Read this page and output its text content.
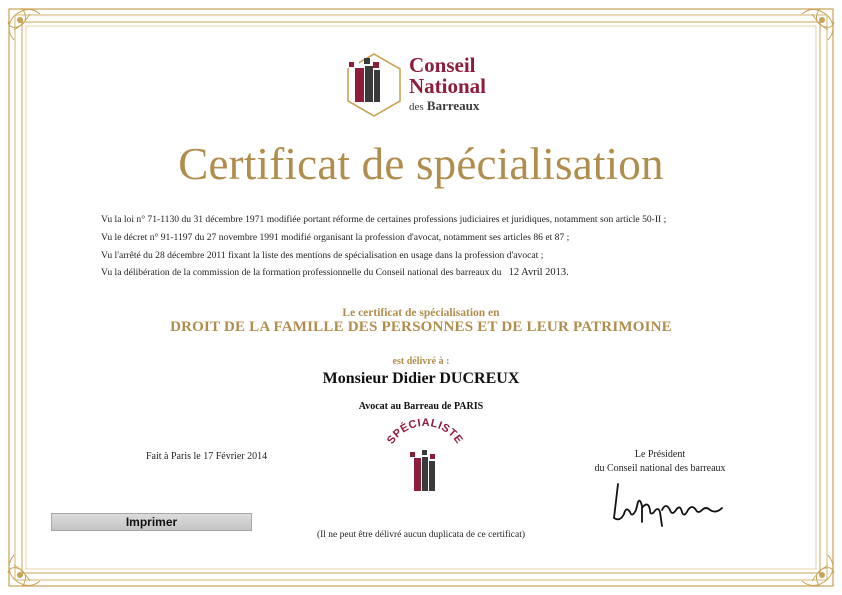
Conseil
National
des Barreaux
Certificat de spécialisation
Vu la loi n° 71-1130 du 31 décembre 1971 modifiée portant réforme de certaines professions judiciaires et juridiques, notamment son article 50-II ;
Vu le décret n° 91-1197 du 27 novembre 1991 modifié organisant la profession d'avocat, notamment ses articles 86 et 87 ;
Vu l'arrêté du 28 décembre 2011 fixant la liste des mentions de spécialisation en usage dans la profession d'avocat ;
Vu la délibération de la commission de la formation professionnelle du Conseil national des barreaux du 12 Avril 2013.
Le certificat de spécialisation en
DROIT DE LA FAMILLE DES PERSONNES ET DE LEUR PATRIMOINE
est délivré à :
Monsieur Didier DUCREUX
Avocat au Barreau de PARIS
SPÉCIALISTE
Fait à Paris le 17 Février 2014	Le Président
du Conseil national des barreaux
Imprimer
(Il ne peut être délivré aucun duplicata de ce certificat)
